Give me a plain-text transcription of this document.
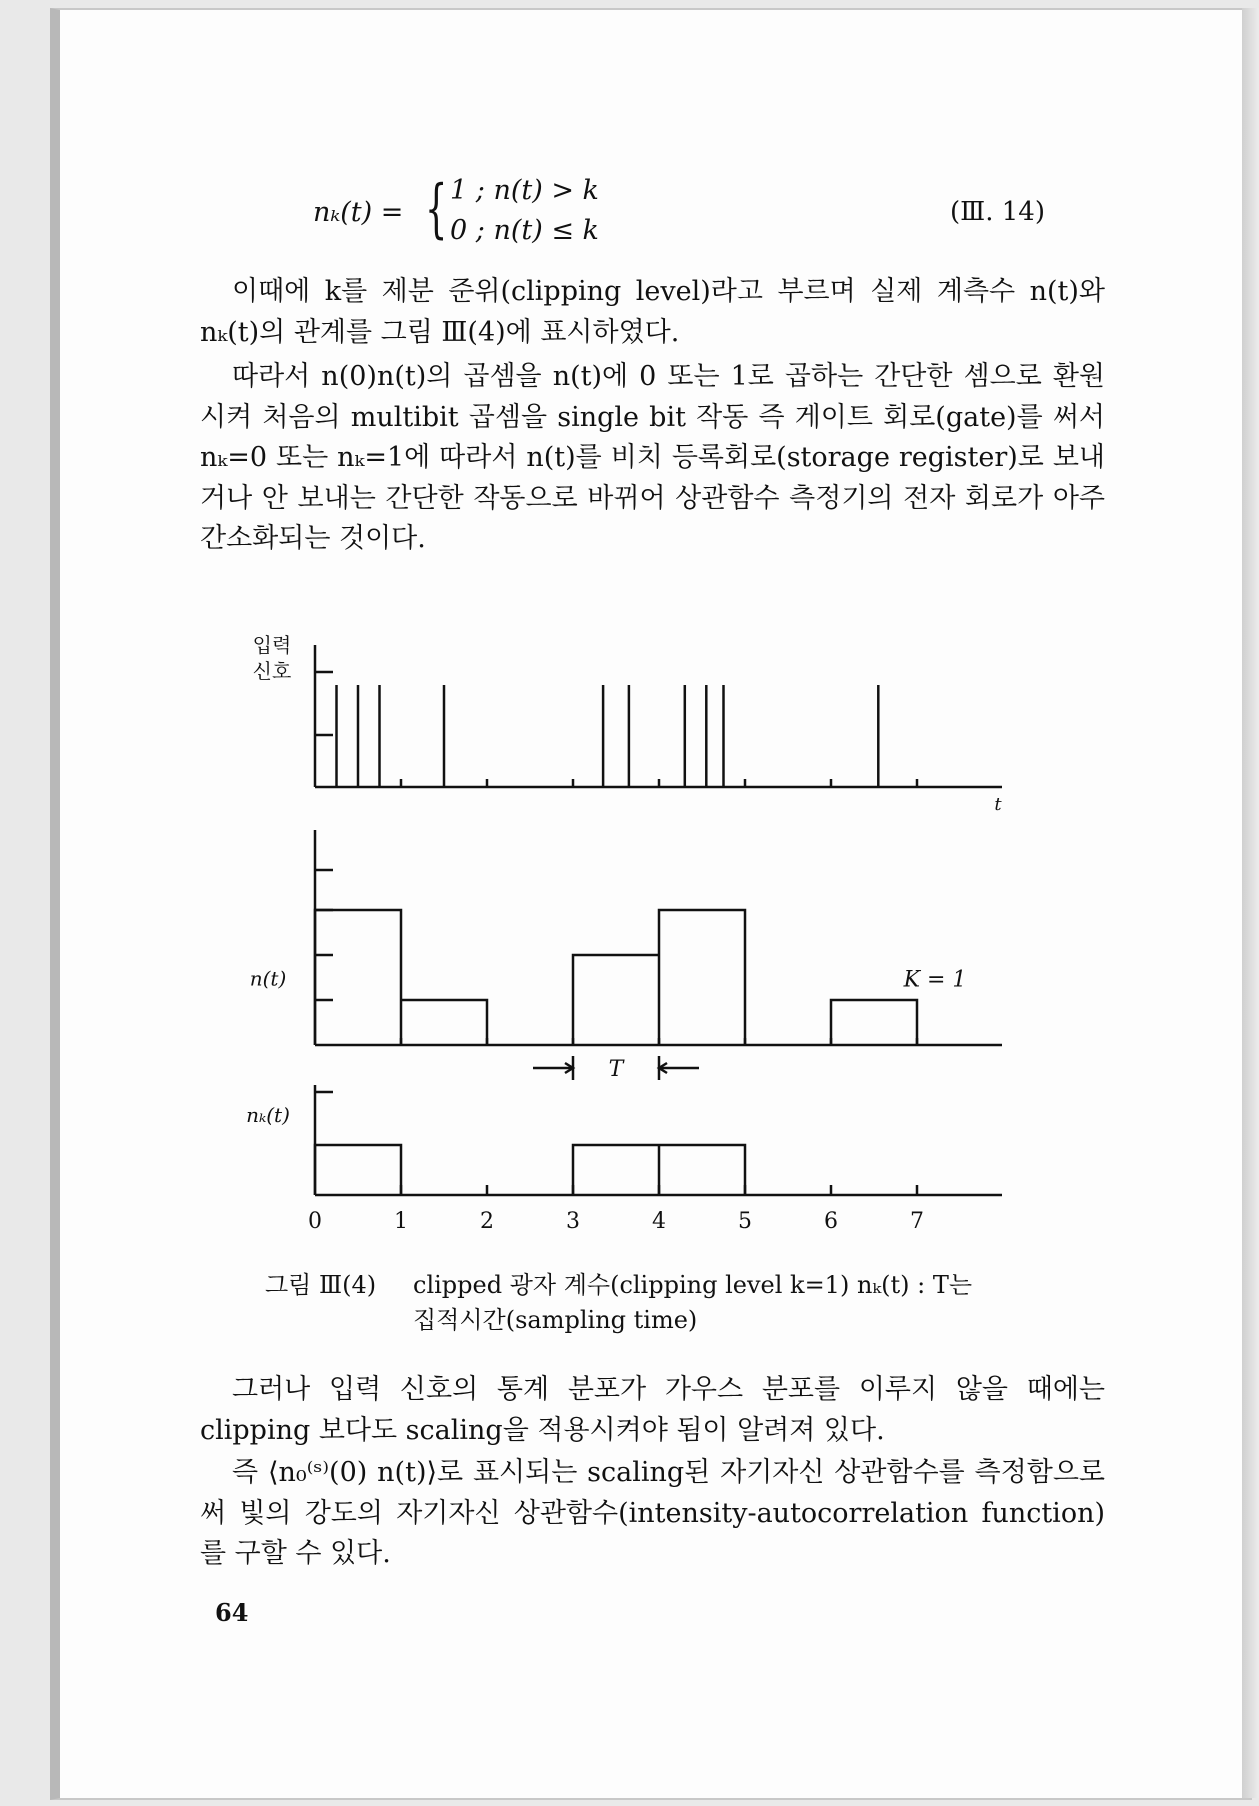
nₖ(t) = { 1 ; n(t) > k
0 ; n(t) ≤ k
(Ⅲ. 14)
이때에 k를 제분 준위(clipping level)라고 부르며 실제 계측수 n(t)와 nₖ(t)의 관계를 그림 Ⅲ(4)에 표시하였다.
따라서 n(0)n(t)의 곱셈을 n(t)에 0 또는 1로 곱하는 간단한 셈으로 환원시켜 처음의 multibit 곱셈을 single bit 작동 즉 게이트 회로(gate)를 써서 nₖ=0 또는 nₖ=1에 따라서 n(t)를 비치 등록회로(storage register)로 보내거나 안 보내는 간단한 작동으로 바뀌어 상관함수 측정기의 전자 회로가 아주 간소화되는 것이다.
입력
신호
t
n(t)	K = 1
T
nₖ(t)
0	1	2	3	4	5	6	7
그림 Ⅲ(4) clipped 광자 계수(clipping level k=1) nₖ(t) : T는
집적시간(sampling time)
그러나 입력 신호의 통계 분포가 가우스 분포를 이루지 않을 때에는 clipping 보다도 scaling을 적용시켜야 됨이 알려져 있다.
즉 ⟨n₀⁽ˢ⁾(0) n(t)⟩로 표시되는 scaling된 자기자신 상관함수를 측정함으로써 빛의 강도의 자기자신 상관함수(intensity-autocorrelation function)를 구할 수 있다.
64
